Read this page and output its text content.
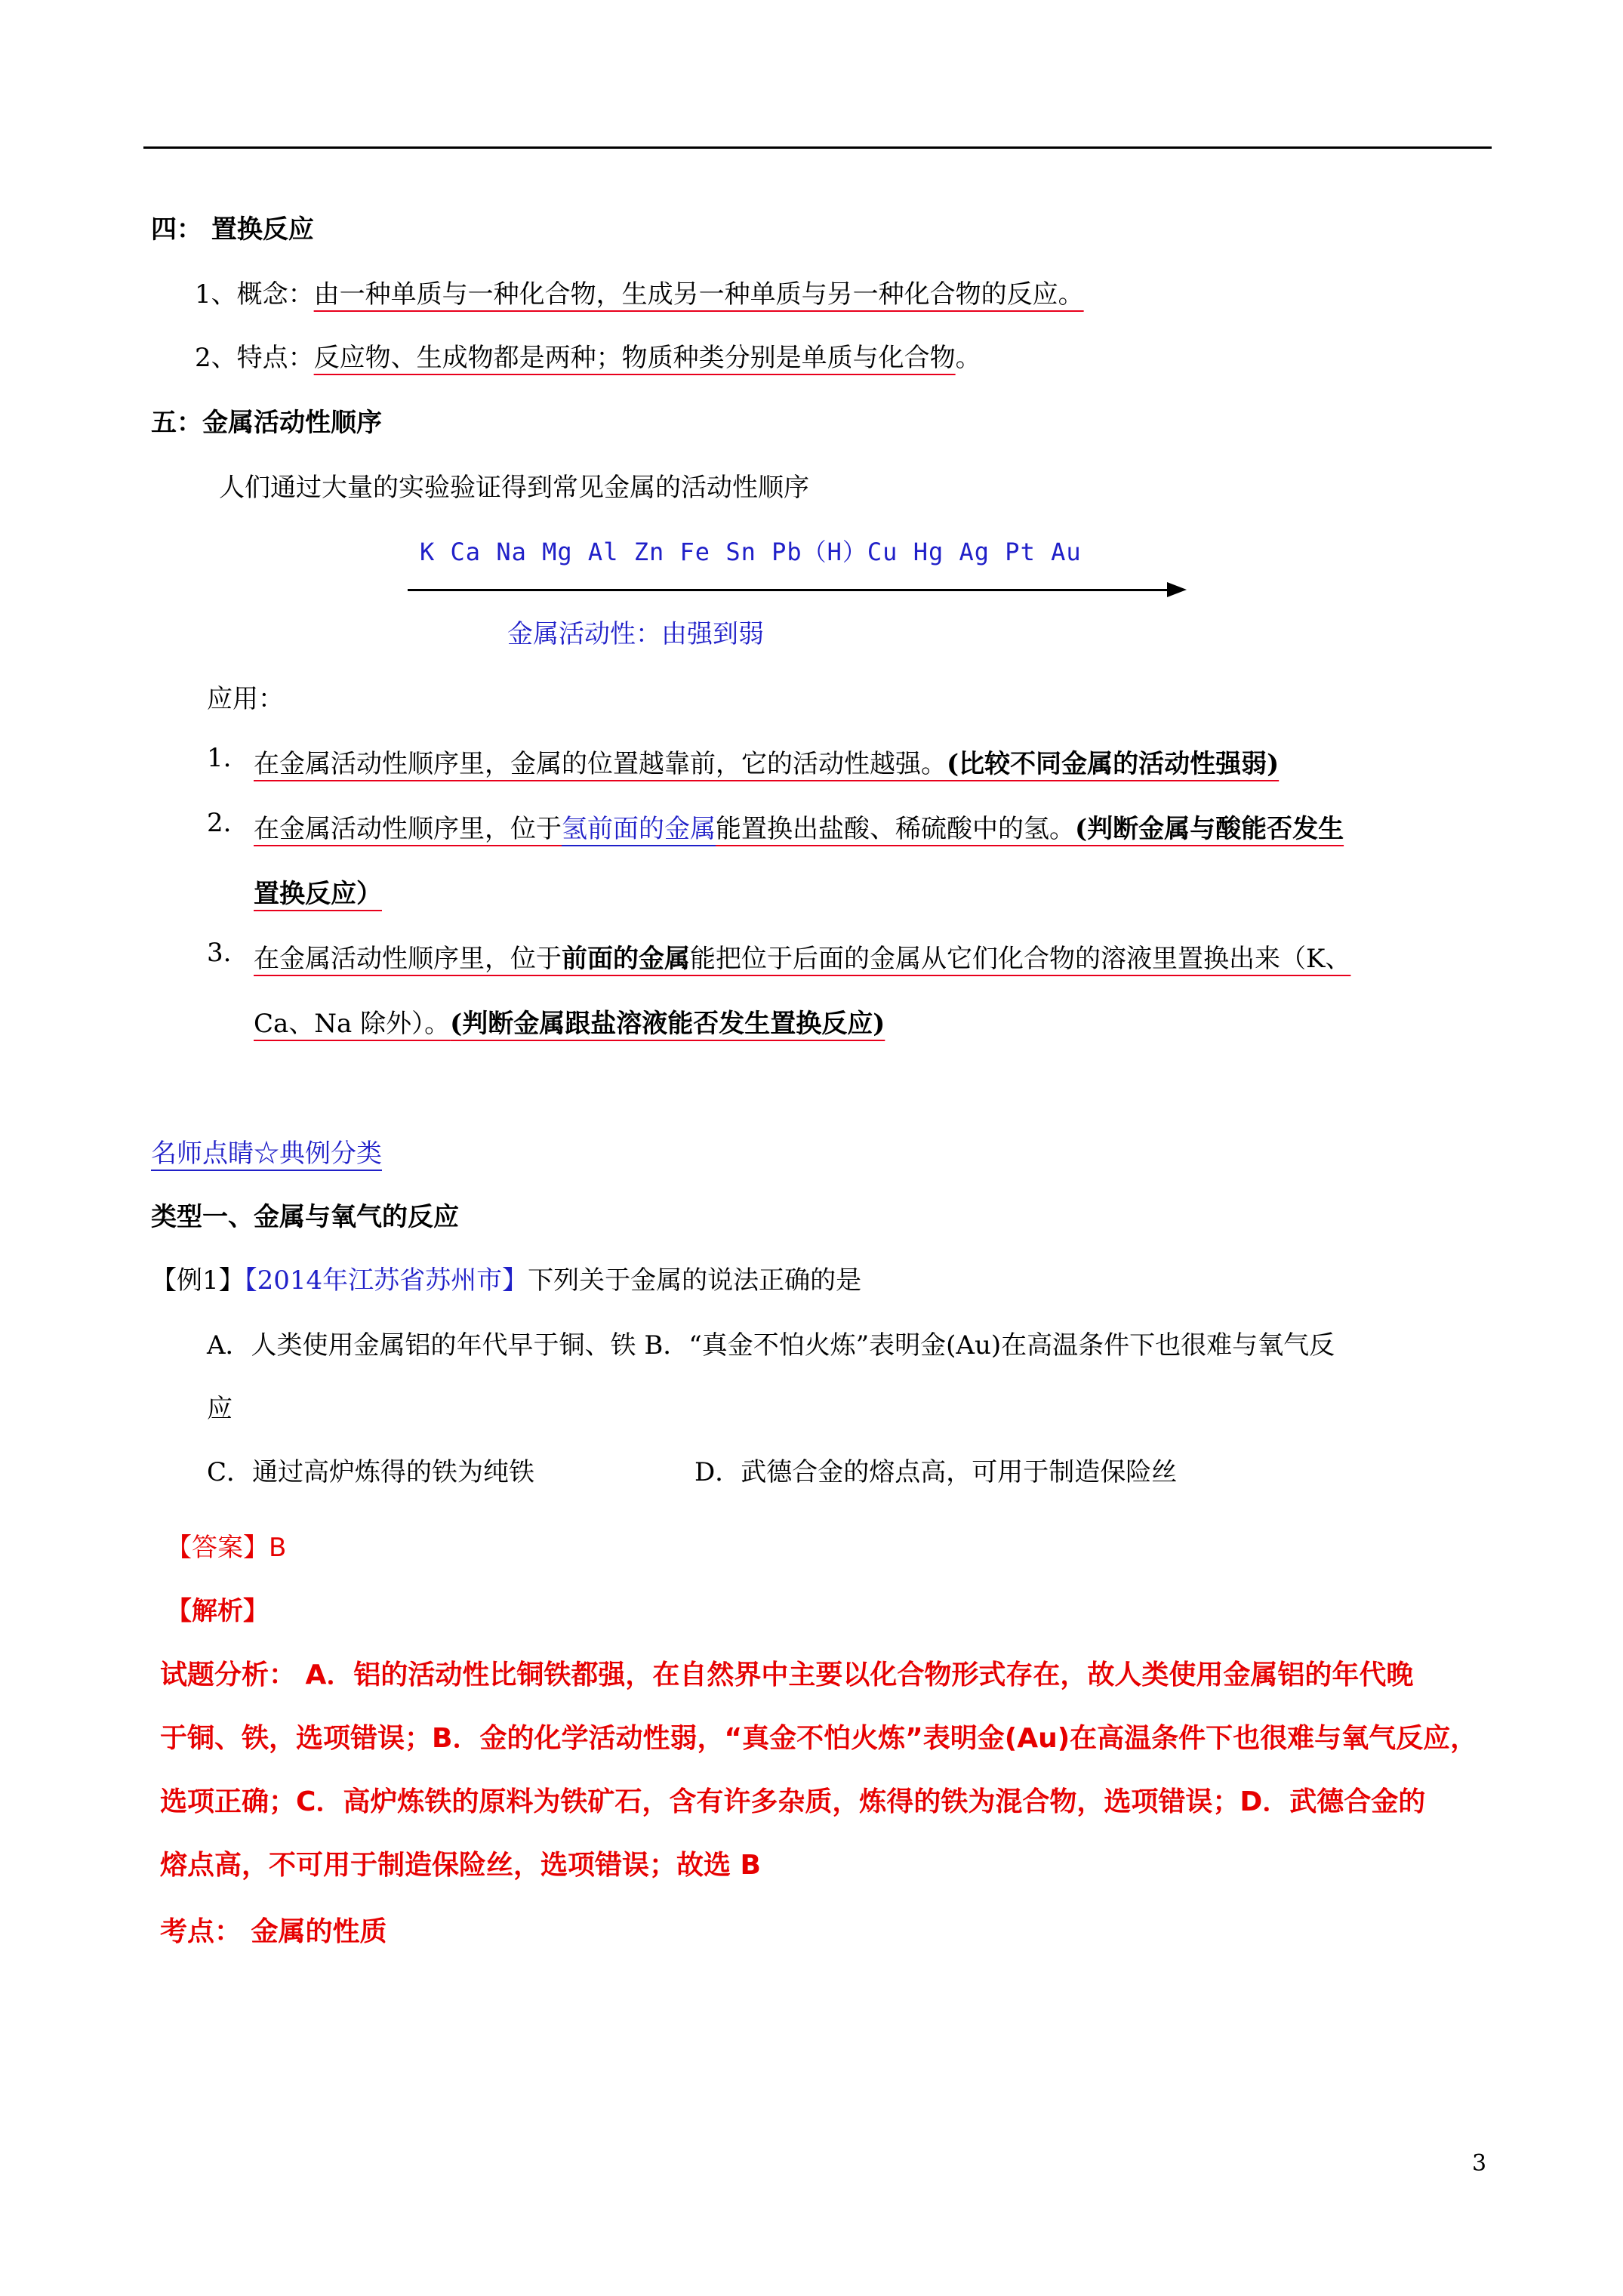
四： 置换反应
1、概念：由一种单质与一种化合物，生成另一种单质与另一种化合物的反应。
2、特点：反应物、生成物都是两种；物质种类分别是单质与化合物。
五：金属活动性顺序
人们通过大量的实验验证得到常见金属的活动性顺序
K Ca Na Mg Al Zn Fe Sn Pb（H）Cu Hg Ag Pt Au
金属活动性：由强到弱
应用：
1. 在金属活动性顺序里，金属的位置越靠前，它的活动性越强。(比较不同金属的活动性强弱)
2. 在金属活动性顺序里，位于氢前面的金属能置换出盐酸、稀硫酸中的氢。(判断金属与酸能否发生
置换反应）
3. 在金属活动性顺序里，位于前面的金属能把位于后面的金属从它们化合物的溶液里置换出来（K、
Ca、Na 除外）。(判断金属跟盐溶液能否发生置换反应)
名师点睛☆典例分类
类型一、金属与氧气的反应
【例1】【2014年江苏省苏州市】下列关于金属的说法正确的是
A．人类使用金属铝的年代早于铜、铁 B．“真金不怕火炼”表明金(Au)在高温条件下也很难与氧气反
应
C．通过高炉炼得的铁为纯铁	D．武德合金的熔点高，可用于制造保险丝
【答案】B
【解析】
试题分析： A．铝的活动性比铜铁都强，在自然界中主要以化合物形式存在，故人类使用金属铝的年代晚
于铜、铁，选项错误；B．金的化学活动性弱，“真金不怕火炼”表明金(Au)在高温条件下也很难与氧气反应，
选项正确；C．高炉炼铁的原料为铁矿石，含有许多杂质，炼得的铁为混合物，选项错误；D．武德合金的
熔点高，不可用于制造保险丝，选项错误；故选 B
考点： 金属的性质
3
